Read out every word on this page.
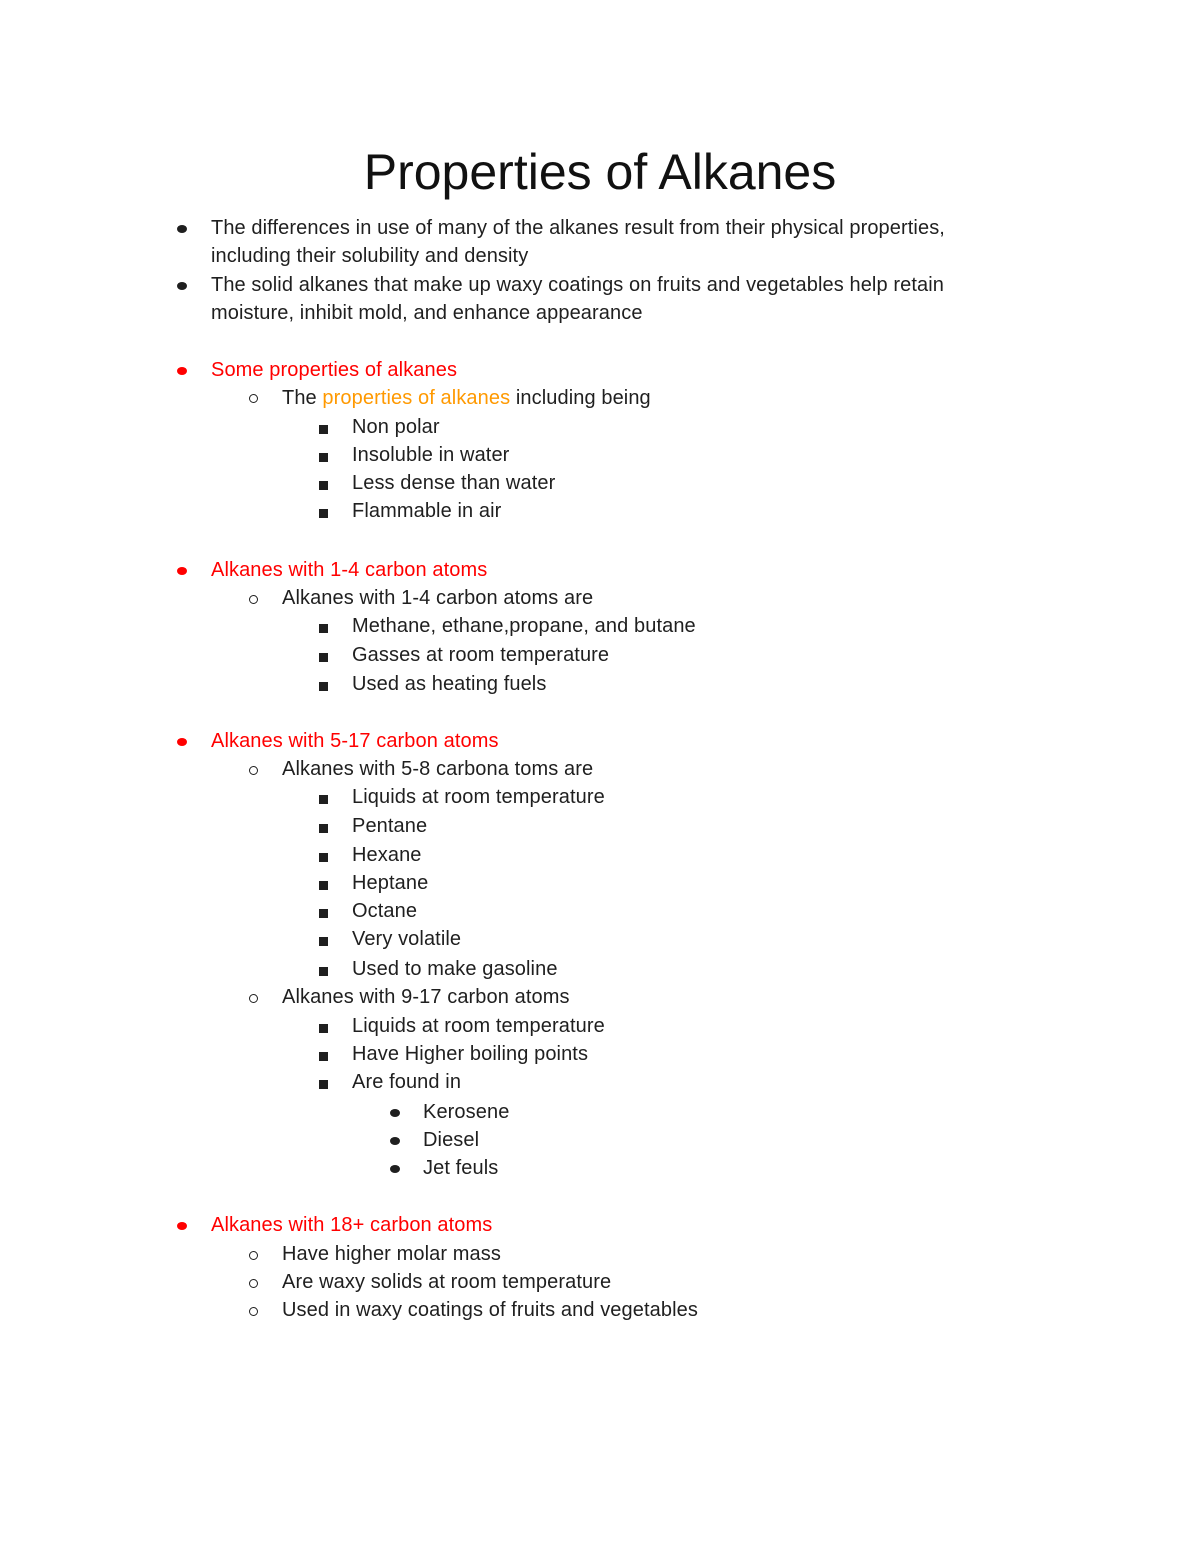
Properties of Alkanes
The differences in use of many of the alkanes result from their physical properties,
including their solubility and density
The solid alkanes that make up waxy coatings on fruits and vegetables help retain
moisture, inhibit mold, and enhance appearance
Some properties of alkanes
The properties of alkanes including being
Non polar
Insoluble in water
Less dense than water
Flammable in air
Alkanes with 1-4 carbon atoms
Alkanes with 1-4 carbon atoms are
Methane, ethane,propane, and butane
Gasses at room temperature
Used as heating fuels
Alkanes with 5-17 carbon atoms
Alkanes with 5-8 carbona toms are
Liquids at room temperature
Pentane
Hexane
Heptane
Octane
Very volatile
Used to make gasoline
Alkanes with 9-17 carbon atoms
Liquids at room temperature
Have Higher boiling points
Are found in
Kerosene
Diesel
Jet feuls
Alkanes with 18+ carbon atoms
Have higher molar mass
Are waxy solids at room temperature
Used in waxy coatings of fruits and vegetables
